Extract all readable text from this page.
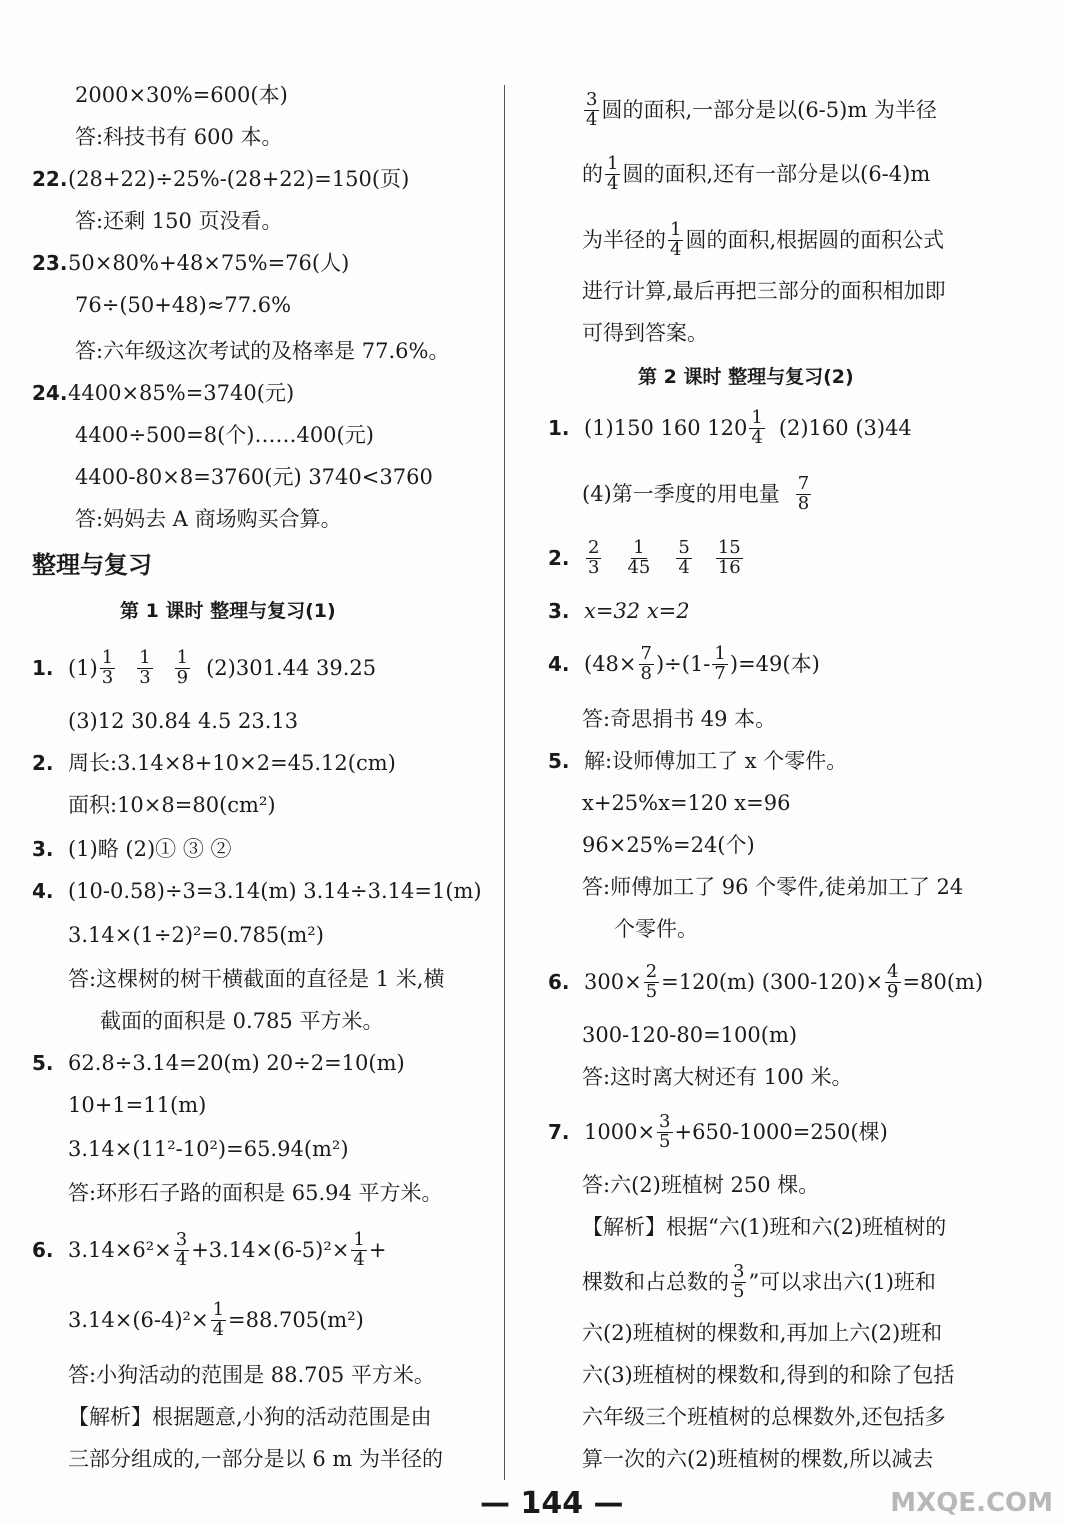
2000×30%=600(本)
答:科技书有 600 本。
22. (28+22)÷25%-(28+22)=150(页)
答:还剩 150 页没看。
23. 50×80%+48×75%=76(人)
76÷(50+48)≈77.6%
答:六年级这次考试的及格率是 77.6%。
24. 4400×85%=3740(元)
4400÷500=8(个)……400(元)
4400-80×8=3760(元) 3740<3760
答:妈妈去 A 商场购买合算。
整理与复习
第 1 课时 整理与复习(1)
1. $(1) \frac{1}{3} \frac{1}{3} \frac{1}{9} (2)301.44$ 39.25
(3)12 30.84 4.5 23.13
2. 周长:3.14×8+10×2=45.12(cm)
面积:10×8=80(cm²)
3. (1)略 (2)① ③ ②
4. (10-0.58)÷3=3.14(m) 3.14÷3.14=1(m)
3.14×(1÷2)²=0.785(m²)
答:这棵树的树干横截面的直径是 1 米,横
截面的面积是 0.785 平方米。
5. 62.8÷3.14=20(m) 20÷2=10(m)
10+1=11(m)
3.14×(11²-10²)=65.94(m²)
答:环形石子路的面积是 65.94 平方米。
6. $3.14\times 6^2\times \frac{3}{4} +3.14\times(6-5)^2\times \frac{1}{4}$ +
$3.14\times(6-4)^2\times \frac{1}{4} =88.705(m^2)$
答:小狗活动的范围是 88.705 平方米。
【解析】根据题意,小狗的活动范围是由
三部分组成的,一部分是以 6 m 为半径的
$\frac{3}{4}$ 圆的面积,一部分是以(6-5)m 为半径
的 $\frac{1}{4}$ 圆的面积,还有一部分是以(6-4)m
为半径的 $\frac{1}{4}$ 圆的面积,根据圆的面积公式
进行计算,最后再把三部分的面积相加即
可得到答案。
第 2 课时 整理与复习(2)
1. (1)150 160 $120 \frac{1}{4} (2)160$ (3)44
(4)第一季度的用电量 $\frac{7}{8}$
2. $\frac{2}{3} \frac{1}{45} \frac{5}{4} \frac{15}{16}$
3. x=32 x=2
4. $(48\times \frac{7}{8} )\div(1- \frac{1}{7} )=49$(本)
答:奇思捐书 49 本。
5. 解:设师傅加工了 x 个零件。
x+25%x=120 x=96
96×25%=24(个)
答:师傅加工了 96 个零件,徒弟加工了 24
个零件。
6. $300\times \frac{2}{5} =120(m)$ $(300-120)\times \frac{4}{9} =80(m)$
300-120-80=100(m)
答:这时离大树还有 100 米。
7. $1000\times \frac{3}{5} +650-1000=250$(棵)
答:六(2)班植树 250 棵。
【解析】根据“六(1)班和六(2)班植树的
棵数和占总数的 $\frac{3}{5}$ ”可以求出六(1)班和
六(2)班植树的棵数和,再加上六(2)班和
六(3)班植树的棵数和,得到的和除了包括
六年级三个班植树的总棵数外,还包括多
算一次的六(2)班植树的棵数,所以减去
— 144 —	MXQE.COM
